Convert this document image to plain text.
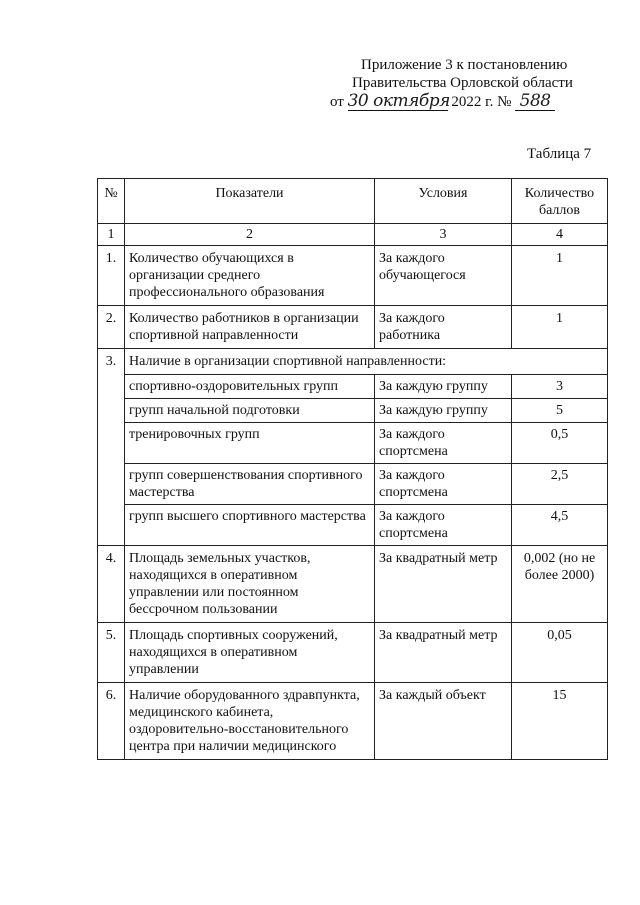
Приложение 3 к постановлению
Правительства Орловской области
от 30 октября 2022 г. № 588
Таблица 7
№	Показатели	Условия	Количество баллов
1	2	3	4
1.	Количество обучающихся в организации среднего профессионального образования	За каждого обучающегося	1
2.	Количество работников в организации спортивной направленности	За каждого работника	1
3.	Наличие в организации спортивной направленности:		
	спортивно-оздоровительных групп	За каждую группу	3
	групп начальной подготовки	За каждую группу	5
	тренировочных групп	За каждого спортсмена	0,5
	групп совершенствования спортивного мастерства	За каждого спортсмена	2,5
	групп высшего спортивного мастерства	За каждого спортсмена	4,5
4.	Площадь земельных участков, находящихся в оперативном управлении или постоянном бессрочном пользовании	За квадратный метр	0,002 (но не более 2000)
5.	Площадь спортивных сооружений, находящихся в оперативном управлении	За квадратный метр	0,05
6.	Наличие оборудованного здравпункта, медицинского кабинета, оздоровительно-восстановительного центра при наличии медицинского	За каждый объект	15
